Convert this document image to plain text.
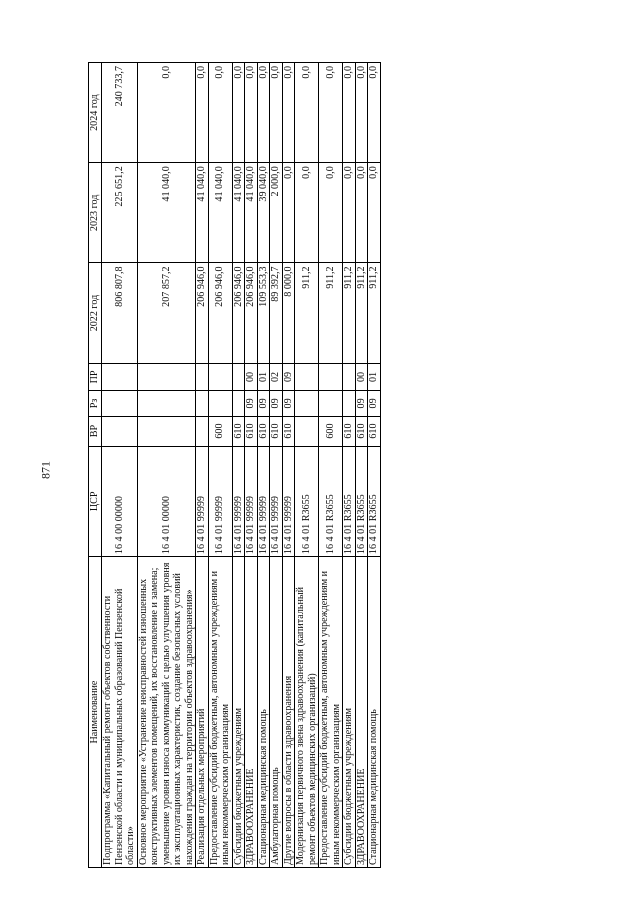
871
Наименование	ЦСР	ВР	Рз	ПР	2022 год	2023 год	2024 год
Подпрограмма «Капитальный ремонт объектов собственности Пензенской области и муниципальных образований Пензенской области»	16 4 00 00000				806 807,8	225 651,2	240 733,7
Основное мероприятие «Устранение неисправностей изношенных конструктивных элементов помещений, их восстановление и замена; уменьшение уровня износа коммуникаций с целью улучшения уровня их эксплуатационных характеристик, создание безопасных условий нахождения граждан на территории объектов здравоохранения»	16 4 01 00000				207 857,2	41 040,0	0,0
Реализация отдельных мероприятий	16 4 01 99999				206 946,0	41 040,0	0,0
Предоставление субсидий бюджетным, автономным учреждениям и иным некоммерческим организациям	16 4 01 99999	600			206 946,0	41 040,0	0,0
Субсидии бюджетным учреждениям	16 4 01 99999	610			206 946,0	41 040,0	0,0
ЗДРАВООХРАНЕНИЕ	16 4 01 99999	610	09	00	206 946,0	41 040,0	0,0
Стационарная медицинская помощь	16 4 01 99999	610	09	01	109 553,3	39 040,0	0,0
Амбулаторная помощь	16 4 01 99999	610	09	02	89 392,7	2 000,0	0,0
Другие вопросы в области здравоохранения	16 4 01 99999	610	09	09	8 000,0	0,0	0,0
Модернизация первичного звена здравоохранения (капитальный ремонт объектов медицинских организаций)	16 4 01 R3655				911,2	0,0	0,0
Предоставление субсидий бюджетным, автономным учреждениям и иным некоммерческим организациям	16 4 01 R3655	600			911,2	0,0	0,0
Субсидии бюджетным учреждениям	16 4 01 R3655	610			911,2	0,0	0,0
ЗДРАВООХРАНЕНИЕ	16 4 01 R3655	610	09	00	911,2	0,0	0,0
Стационарная медицинская помощь	16 4 01 R3655	610	09	01	911,2	0,0	0,0
